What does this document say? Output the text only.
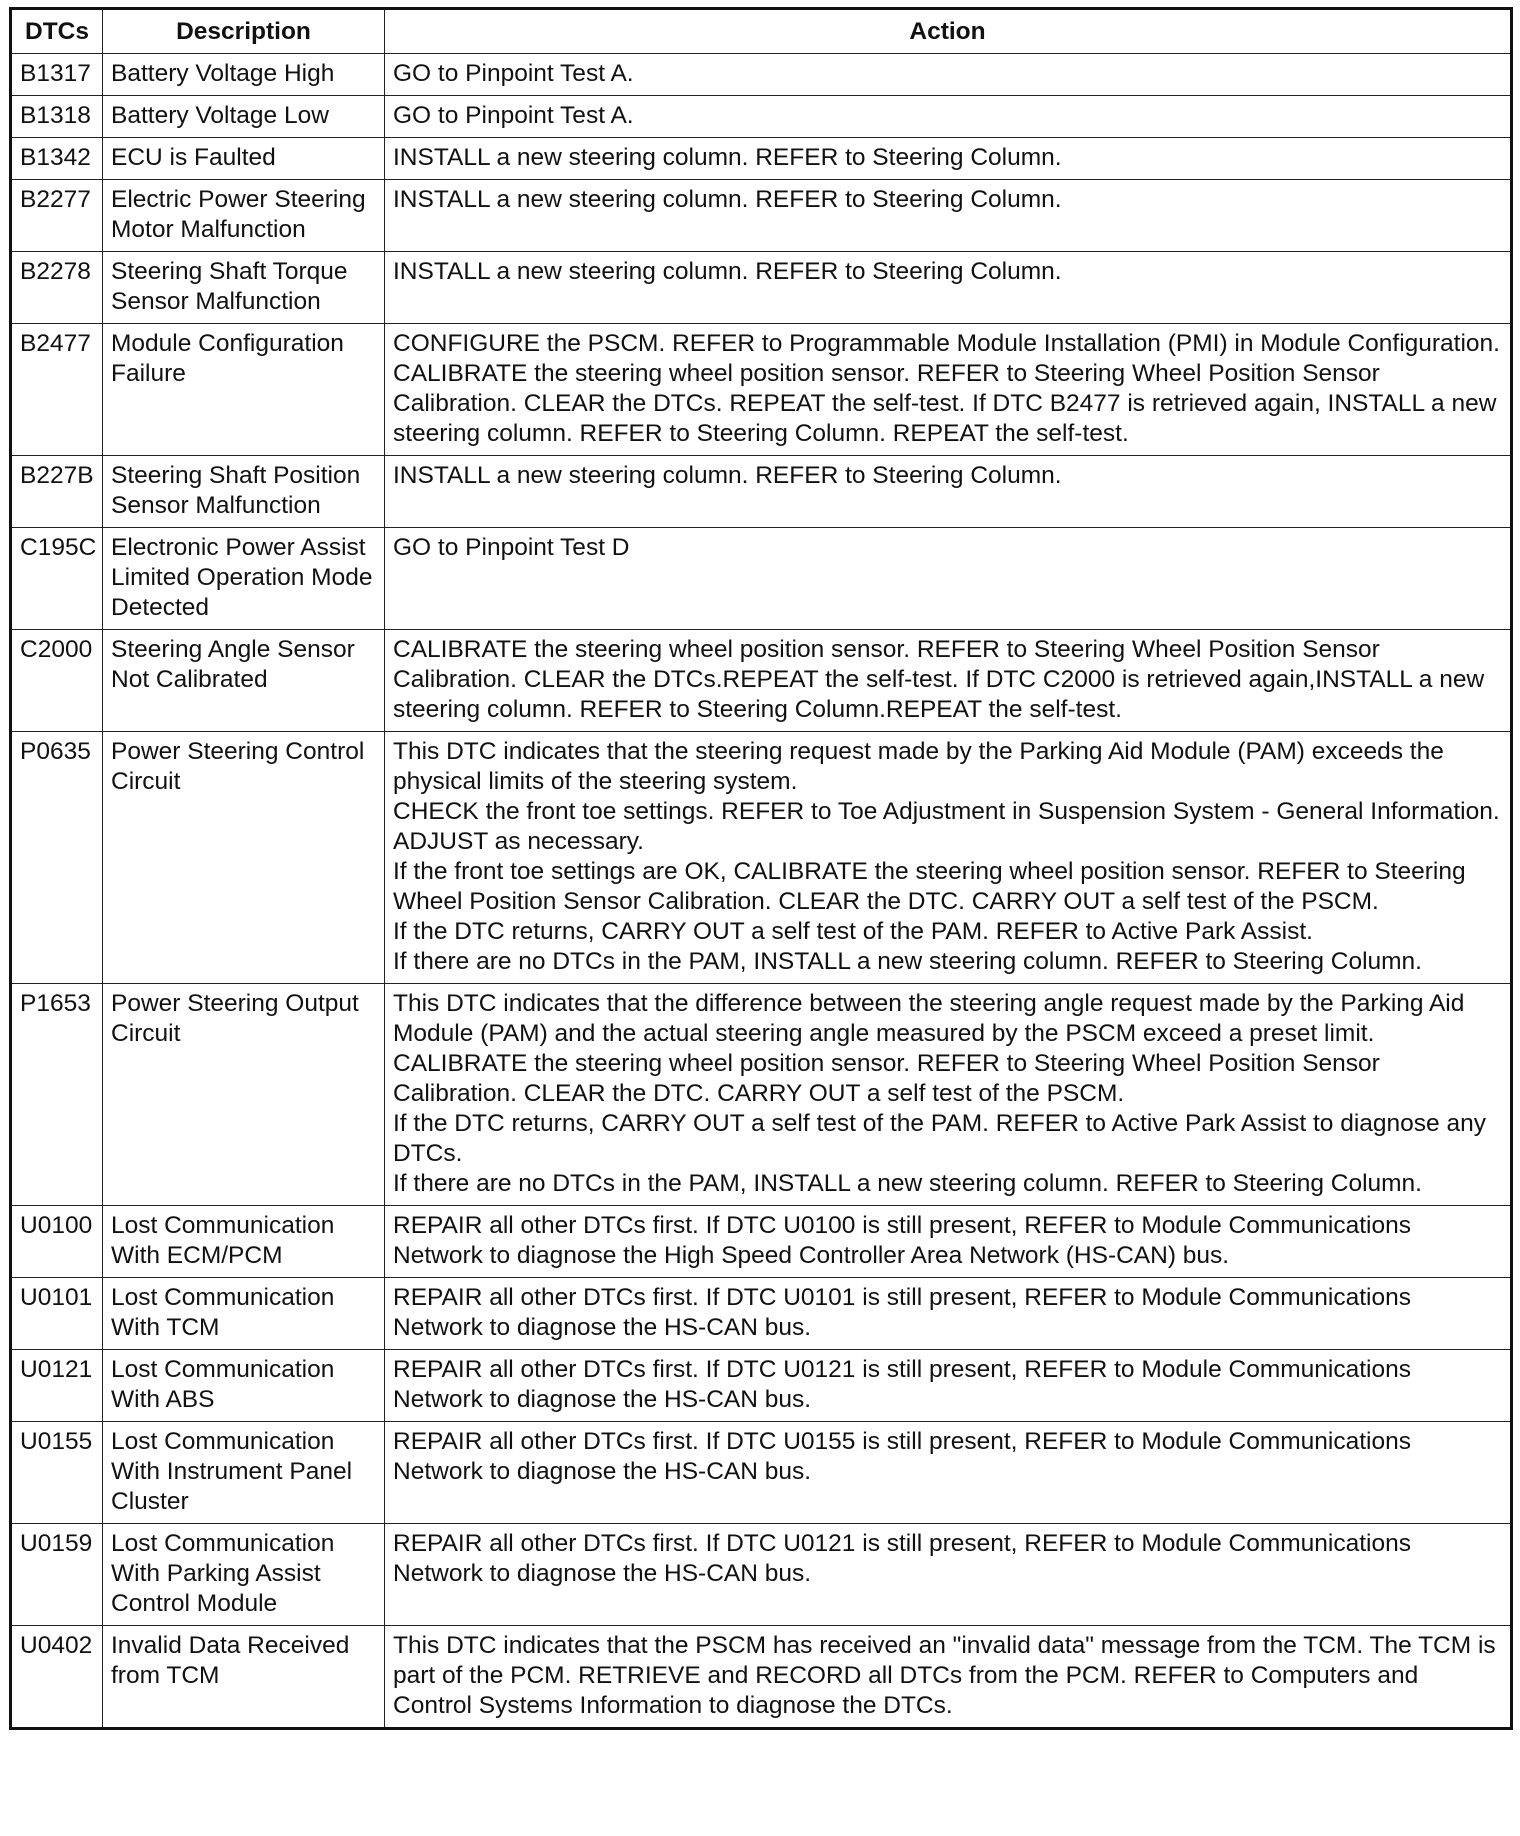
DTCs	Description	Action
B1317	Battery Voltage High	GO to Pinpoint Test A.

B1318	Battery Voltage Low	GO to Pinpoint Test A.

B1342	ECU is Faulted	INSTALL a new steering column. REFER to Steering Column.

B2277	Electric Power Steering Motor Malfunction	INSTALL a new steering column. REFER to Steering Column.

B2278	Steering Shaft Torque Sensor Malfunction	INSTALL a new steering column. REFER to Steering Column.

B2477	Module Configuration Failure	CONFIGURE the PSCM. REFER to Programmable Module Installation (PMI) in Module Configuration. CALIBRATE the steering wheel position sensor. REFER to Steering Wheel Position Sensor Calibration. CLEAR the DTCs. REPEAT the self-test. If DTC B2477 is retrieved again, INSTALL a new steering column. REFER to Steering Column. REPEAT the self-test.

B227B	Steering Shaft Position Sensor Malfunction	INSTALL a new steering column. REFER to Steering Column.

C195C	Electronic Power Assist Limited Operation Mode Detected	GO to Pinpoint Test D

C2000	Steering Angle Sensor Not Calibrated	CALIBRATE the steering wheel position sensor. REFER to Steering Wheel Position Sensor Calibration. CLEAR the DTCs.REPEAT the self-test. If DTC C2000 is retrieved again,INSTALL a new steering column. REFER to Steering Column.REPEAT the self-test.

P0635	Power Steering Control Circuit	This DTC indicates that the steering request made by the Parking Aid Module (PAM) exceeds the physical limits of the steering system.
CHECK the front toe settings. REFER to Toe Adjustment in Suspension System - General Information. ADJUST as necessary.
If the front toe settings are OK, CALIBRATE the steering wheel position sensor. REFER to Steering Wheel Position Sensor Calibration. CLEAR the DTC. CARRY OUT a self test of the PSCM.
If the DTC returns, CARRY OUT a self test of the PAM. REFER to Active Park Assist.
If there are no DTCs in the PAM, INSTALL a new steering column. REFER to Steering Column.

P1653	Power Steering Output Circuit	This DTC indicates that the difference between the steering angle request made by the Parking Aid Module (PAM) and the actual steering angle measured by the PSCM exceed a preset limit.
CALIBRATE the steering wheel position sensor. REFER to Steering Wheel Position Sensor Calibration. CLEAR the DTC. CARRY OUT a self test of the PSCM.
If the DTC returns, CARRY OUT a self test of the PAM. REFER to Active Park Assist to diagnose any DTCs.
If there are no DTCs in the PAM, INSTALL a new steering column. REFER to Steering Column.

U0100	Lost Communication With ECM/PCM	REPAIR all other DTCs first. If DTC U0100 is still present, REFER to Module Communications Network to diagnose the High Speed Controller Area Network (HS-CAN) bus.

U0101	Lost Communication With TCM	REPAIR all other DTCs first. If DTC U0101 is still present, REFER to Module Communications Network to diagnose the HS-CAN bus.

U0121	Lost Communication With ABS	REPAIR all other DTCs first. If DTC U0121 is still present, REFER to Module Communications Network to diagnose the HS-CAN bus.

U0155	Lost Communication With Instrument Panel Cluster	REPAIR all other DTCs first. If DTC U0155 is still present, REFER to Module Communications Network to diagnose the HS-CAN bus.

U0159	Lost Communication With Parking Assist Control Module	REPAIR all other DTCs first. If DTC U0121 is still present, REFER to Module Communications Network to diagnose the HS-CAN bus.

U0402	Invalid Data Received from TCM	This DTC indicates that the PSCM has received an "invalid data" message from the TCM. The TCM is part of the PCM. RETRIEVE and RECORD all DTCs from the PCM. REFER to Computers and Control Systems Information to diagnose the DTCs.
